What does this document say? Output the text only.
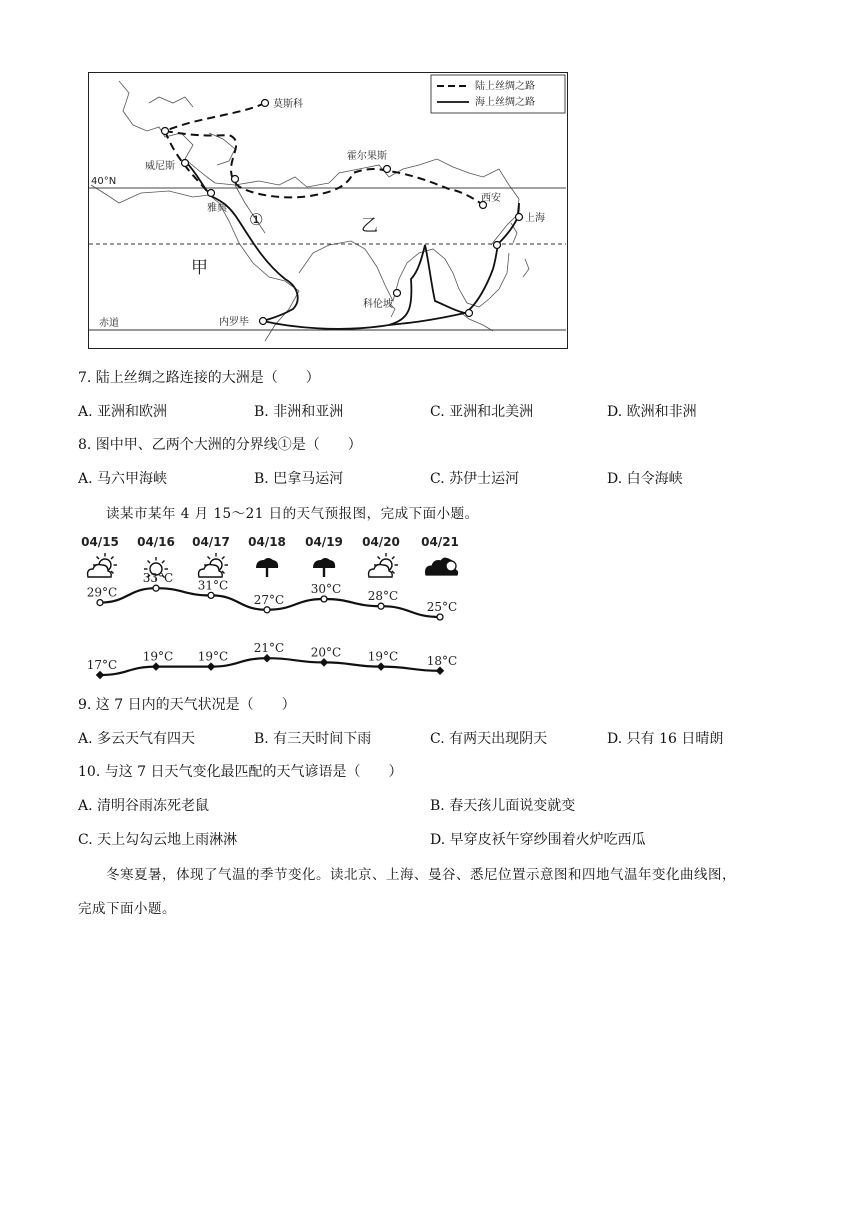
陆上丝绸之路
海上丝绸之路
莫斯科
威尼斯
霍尔果斯
雅典
西安
上海
科伦坡
内罗毕
40°N
赤道
甲
乙
①
7. 陆上丝绸之路连接的大洲是（　　）
A. 亚洲和欧洲	B. 非洲和亚洲	C. 亚洲和北美洲	D. 欧洲和非洲
8. 图中甲、乙两个大洲的分界线①是（　　）
A. 马六甲海峡	B. 巴拿马运河	C. 苏伊士运河	D. 白令海峡
读某市某年 4 月 15～21 日的天气预报图，完成下面小题。
04/15 04/16 04/17 04/18 04/19 04/20 04/21
29°C
33°C
31°C
27°C
30°C
28°C
25°C
17°C
19°C 19°C
21°C 20°C 19°C 18°C
9. 这 7 日内的天气状况是（　　）
A. 多云天气有四天	B. 有三天时间下雨	C. 有两天出现阴天	D. 只有 16 日晴朗
10. 与这 7 日天气变化最匹配的天气谚语是（　　）
A. 清明谷雨冻死老鼠	B. 春天孩儿面说变就变
C. 天上勾勾云地上雨淋淋	D. 早穿皮袄午穿纱围着火炉吃西瓜
冬寒夏暑，体现了气温的季节变化。读北京、上海、曼谷、悉尼位置示意图和四地气温年变化曲线图，
完成下面小题。
